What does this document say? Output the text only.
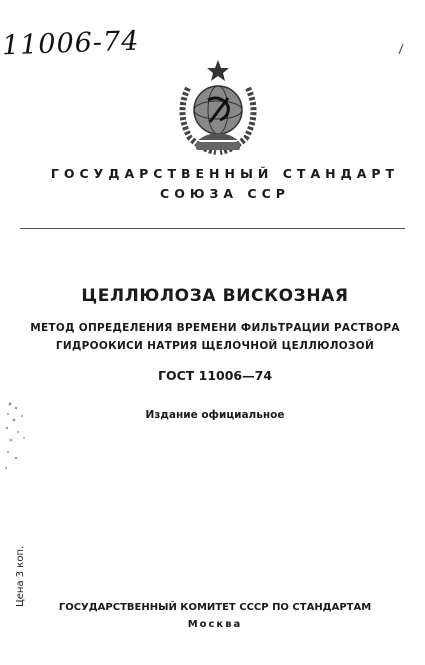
11006-74

ГОСУДАРСТВЕННЫЙ СТАНДАРТ

СОЮЗА ССР

ЦЕЛЛЮЛОЗА ВИСКОЗНАЯ

МЕТОД ОПРЕДЕЛЕНИЯ ВРЕМЕНИ ФИЛЬТРАЦИИ РАСТВОРА

ГИДРООКИСИ НАТРИЯ ЩЕЛОЧНОЙ ЦЕЛЛЮЛОЗОЙ

ГОСТ 11006—74

Издание официальное

Цена 3 коп.

ГОСУДАРСТВЕННЫЙ КОМИТЕТ СССР ПО СТАНДАРТАМ

Москва
